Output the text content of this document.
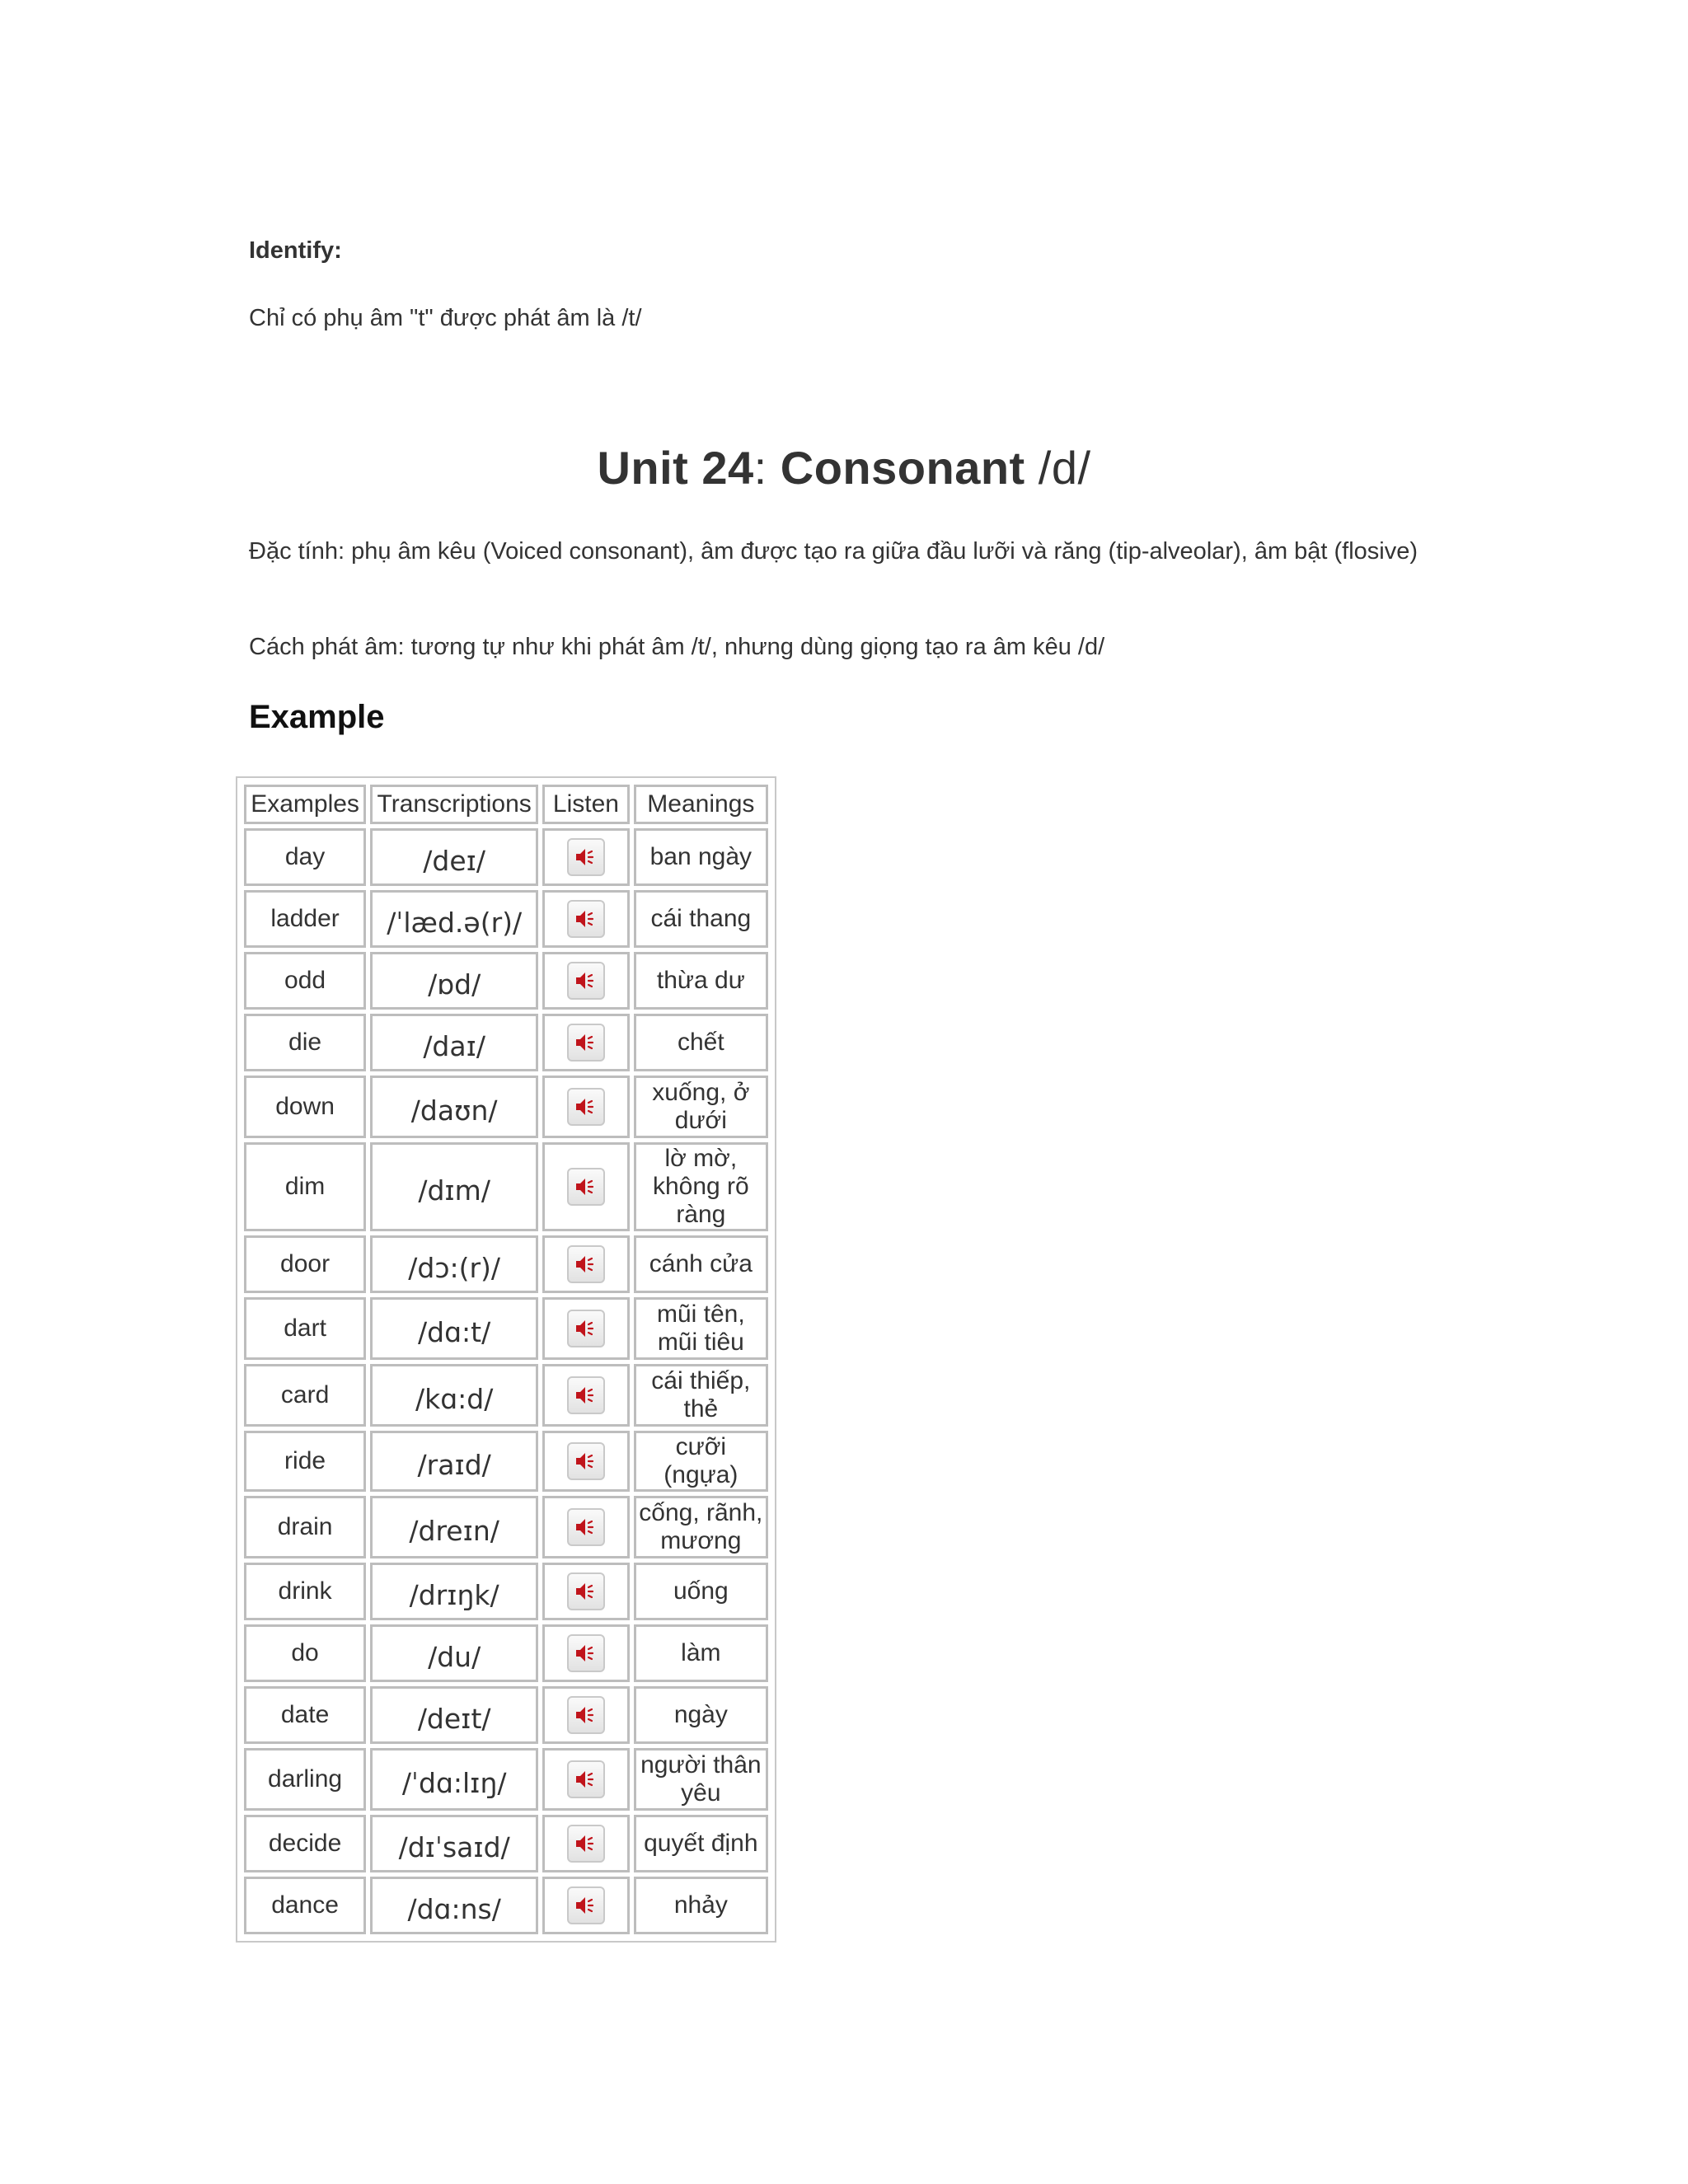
Identify:
Chỉ có phụ âm "t" được phát âm là /t/
Unit 24: Consonant /d/
Đặc tính: phụ âm kêu (Voiced consonant), âm được tạo ra giữa đầu lưỡi và răng (tip-alveolar), âm bật (flosive)
Cách phát âm: tương tự như khi phát âm /t/, nhưng dùng giọng tạo ra âm kêu /d/
Example
Examples	Transcriptions	Listen	Meanings
day	/deɪ/		ban ngày
ladder	/ˈlæd.ə(r)/		cái thang
odd	/ɒd/		thừa dư
die	/daɪ/		chết
down	/daʊn/		xuống, ở dưới
dim	/dɪm/		lờ mờ, không rõ ràng
door	/dɔ:(r)/		cánh cửa
dart	/dɑ:t/		mũi tên, mũi tiêu
card	/kɑ:d/		cái thiếp, thẻ
ride	/raɪd/		cưỡi (ngựa)
drain	/dreɪn/		cống, rãnh, mương
drink	/drɪŋk/		uống
do	/du/		làm
date	/deɪt/		ngày
darling	/ˈdɑ:lɪŋ/		người thân yêu
decide	/dɪˈsaɪd/		quyết định
dance	/dɑ:ns/		nhảy
